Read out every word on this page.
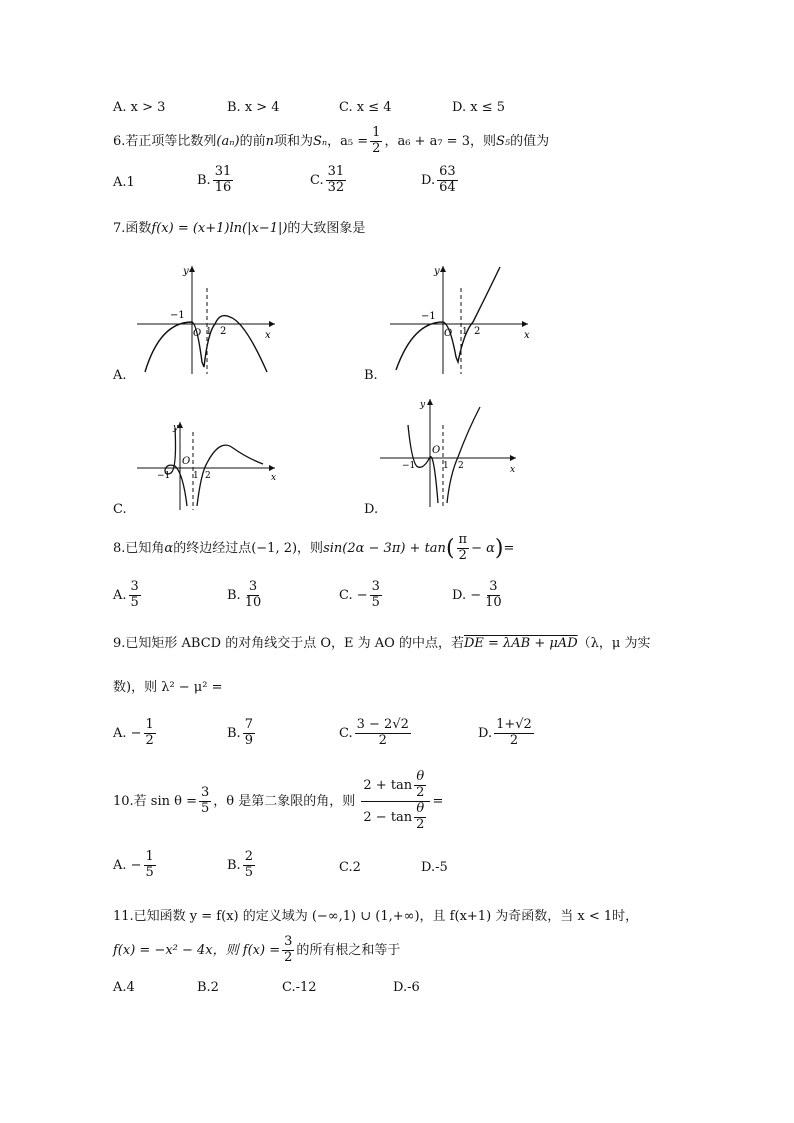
A. x > 3	B. x > 4	C. x ≤ 4	D. x ≤ 5
6.若正项等比数列(aₙ)的前n项和为Sₙ，$a_5 = \frac{1}{2}$ ，a₆ + a₇ = 3，则S₅的值为
A.1	B. $\frac{31}{16}$	C. $\frac{31}{32}$	D. $\frac{63}{64}$
7.函数f(x) = (x+1)ln(|x−1|)的大致图象是
x
y
O
−1
1 2
A.
x
y
O
−1
1 2
B.
x
y
O
−1	1 2
C.
x
y
O
−1	1 2
D.
8.已知角α的终边经过点(−1, 2)，则$\sin(2\alpha - 3\pi) + \tan( \frac{\pi}{2} - \alpha)=$
A. $\frac{3}{5}$	B. $\frac{3}{10}$	C. − $\frac{3}{5}$	D. − $\frac{3}{10}$
9.已知矩形 ABCD 的对角线交于点 O，E 为 AO 的中点，若DE = λAB + μAD（λ，μ 为实
数)，则 λ² − μ² =
A. − $\frac{1}{2}$	B. $\frac{7}{9}$	C. $\frac{3 - 2√2}{2}$	D. $\frac{1+√2}{2}$
10.若 $\sin \theta = \frac{3}{5}$ ，θ 是第二象限的角，则 $\frac{2 + \tan \frac{\theta}{2}}{2 - \tan \frac{\theta}{2}}$ =
A. − $\frac{1}{5}$	B. $\frac{2}{5}$	C.2	D.-5
11.已知函数 y = f(x) 的定义域为 (−∞,1) ∪ (1,+∞)，且 f(x+1) 为奇函数，当 x < 1时，
f(x) = −x² − 4x，则 $f(x) = \frac{3}{2}$ 的所有根之和等于
A.4	B.2	C.-12	D.-6
